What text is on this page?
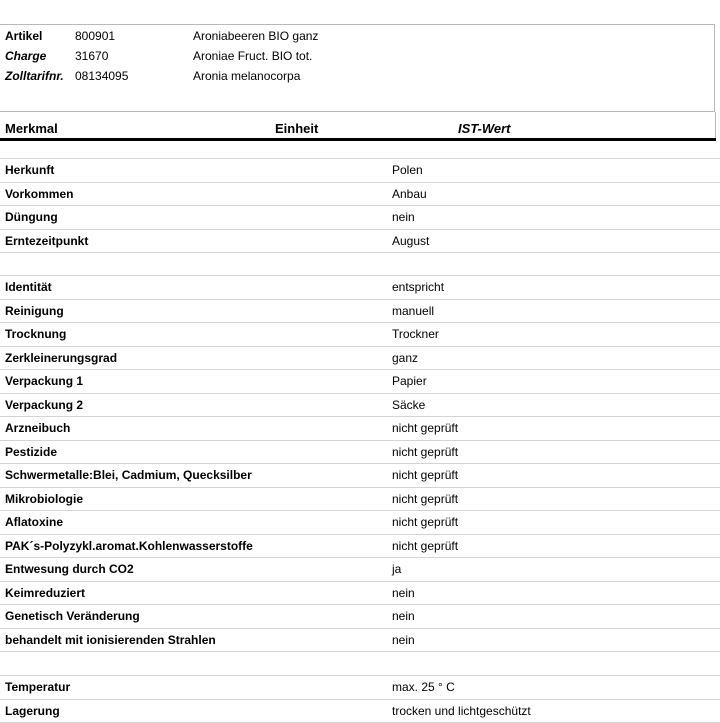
Artikel	800901	Aroniabeeren BIO ganz
Charge 31670	Aroniae Fruct. BIO tot.
Zolltarifnr. 08134095	Aronia melanocorpa
Merkmal	Einheit	IST-Wert
Herkunft	Polen
Vorkommen	Anbau
Düngung	nein
Erntezeitpunkt	August
Identität	entspricht
Reinigung	manuell
Trocknung	Trockner
Zerkleinerungsgrad	ganz
Verpackung 1	Papier
Verpackung 2	Säcke
Arzneibuch	nicht geprüft
Pestizide	nicht geprüft
Schwermetalle:Blei, Cadmium, Quecksilber	nicht geprüft
Mikrobiologie	nicht geprüft
Aflatoxine	nicht geprüft
PAK´s-Polyzykl.aromat.Kohlenwasserstoffe	nicht geprüft
Entwesung durch CO2	ja
Keimreduziert	nein
Genetisch Veränderung	nein
behandelt mit ionisierenden Strahlen	nein
Temperatur	max. 25 ° C
Lagerung	trocken und lichtgeschützt
